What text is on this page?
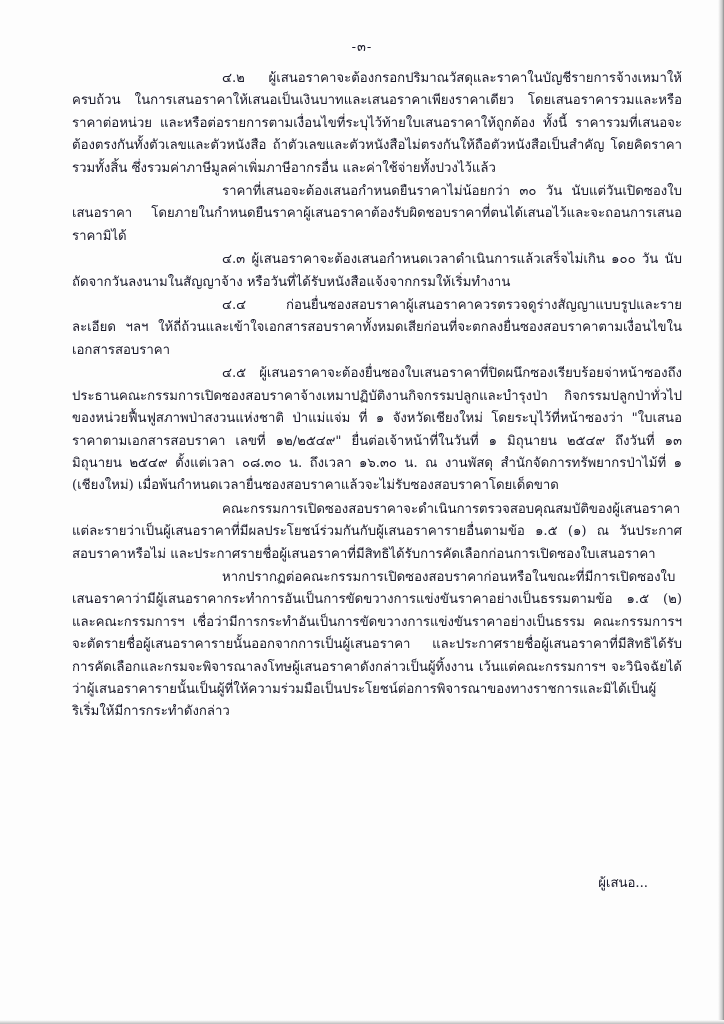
-๓-

๔.๒ ผู้เสนอราคาจะต้องกรอกปริมาณวัสดุและราคาในบัญชีรายการจ้างเหมาให้ครบถ้วน ในการเสนอราคาให้เสนอเป็นเงินบาทและเสนอราคาเพียงราคาเดียว โดยเสนอราคารวมและหรือราคาต่อหน่วย และหรือต่อรายการตามเงื่อนไขที่ระบุไว้ท้ายใบเสนอราคาให้ถูกต้อง ทั้งนี้ ราคารวมที่เสนอจะต้องตรงกันทั้งตัวเลขและตัวหนังสือ ถ้าตัวเลขและตัวหนังสือไม่ตรงกันให้ถือตัวหนังสือเป็นสำคัญ โดยคิดราคารวมทั้งสิ้น ซึ่งรวมค่าภาษีมูลค่าเพิ่มภาษีอากรอื่น และค่าใช้จ่ายทั้งปวงไว้แล้ว

ราคาที่เสนอจะต้องเสนอกำหนดยืนราคาไม่น้อยกว่า ๓๐ วัน นับแต่วันเปิดซองใบเสนอราคา โดยภายในกำหนดยืนราคาผู้เสนอราคาต้องรับผิดชอบราคาที่ตนได้เสนอไว้และจะถอนการเสนอราคามิได้

๔.๓ ผู้เสนอราคาจะต้องเสนอกำหนดเวลาดำเนินการแล้วเสร็จไม่เกิน ๑๐๐ วัน นับถัดจากวันลงนามในสัญญาจ้าง หรือวันที่ได้รับหนังสือแจ้งจากกรมให้เริ่มทำงาน

๔.๔ ก่อนยื่นซองสอบราคาผู้เสนอราคาควรตรวจดูร่างสัญญาแบบรูปและรายละเอียด ฯลฯ ให้ถี่ถ้วนและเข้าใจเอกสารสอบราคาทั้งหมดเสียก่อนที่จะตกลงยื่นซองสอบราคาตามเงื่อนไขในเอกสารสอบราคา

๔.๕ ผู้เสนอราคาจะต้องยื่นซองใบเสนอราคาที่ปิดผนึกซองเรียบร้อยจ่าหน้าซองถึงประธานคณะกรรมการเปิดซองสอบราคาจ้างเหมาปฏิบัติงานกิจกรรมปลูกและบำรุงป่า กิจกรรมปลูกป่าทั่วไปของหน่วยฟื้นฟูสภาพป่าสงวนแห่งชาติ ป่าแม่แจ่ม ที่ ๑ จังหวัดเชียงใหม่ โดยระบุไว้ที่หน้าซองว่า "ใบเสนอราคาตามเอกสารสอบราคา เลขที่ ๑๒/๒๕๔๙" ยื่นต่อเจ้าหน้าที่ในวันที่ ๑ มิถุนายน ๒๕๔๙ ถึงวันที่ ๑๓ มิถุนายน ๒๕๔๙ ตั้งแต่เวลา ๐๘.๓๐ น. ถึงเวลา ๑๖.๓๐ น. ณ งานพัสดุ สำนักจัดการทรัพยากรป่าไม้ที่ ๑ (เชียงใหม่) เมื่อพ้นกำหนดเวลายื่นซองสอบราคาแล้วจะไม่รับซองสอบราคาโดยเด็ดขาด

คณะกรรมการเปิดซองสอบราคาจะดำเนินการตรวจสอบคุณสมบัติของผู้เสนอราคาแต่ละรายว่าเป็นผู้เสนอราคาที่มีผลประโยชน์ร่วมกันกับผู้เสนอราคารายอื่นตามข้อ ๑.๕ (๑) ณ วันประกาศสอบราคาหรือไม่ และประกาศรายชื่อผู้เสนอราคาที่มีสิทธิได้รับการคัดเลือกก่อนการเปิดซองใบเสนอราคา

หากปรากฏต่อคณะกรรมการเปิดซองสอบราคาก่อนหรือในขณะที่มีการเปิดซองใบเสนอราคาว่ามีผู้เสนอราคากระทำการอันเป็นการขัดขวางการแข่งขันราคาอย่างเป็นธรรมตามข้อ ๑.๕ (๒) และคณะกรรมการฯ เชื่อว่ามีการกระทำอันเป็นการขัดขวางการแข่งขันราคาอย่างเป็นธรรม คณะกรรมการฯ จะตัดรายชื่อผู้เสนอราคารายนั้นออกจากการเป็นผู้เสนอราคา และประกาศรายชื่อผู้เสนอราคาที่มีสิทธิได้รับการคัดเลือกและกรมจะพิจารณาลงโทษผู้เสนอราคาดังกล่าวเป็นผู้ทิ้งงาน เว้นแต่คณะกรรมการฯ จะวินิจฉัยได้ว่าผู้เสนอราคารายนั้นเป็นผู้ที่ให้ความร่วมมือเป็นประโยชน์ต่อการพิจารณาของทางราชการและมิได้เป็นผู้ริเริ่มให้มีการกระทำดังกล่าว

ผู้เสนอ...
